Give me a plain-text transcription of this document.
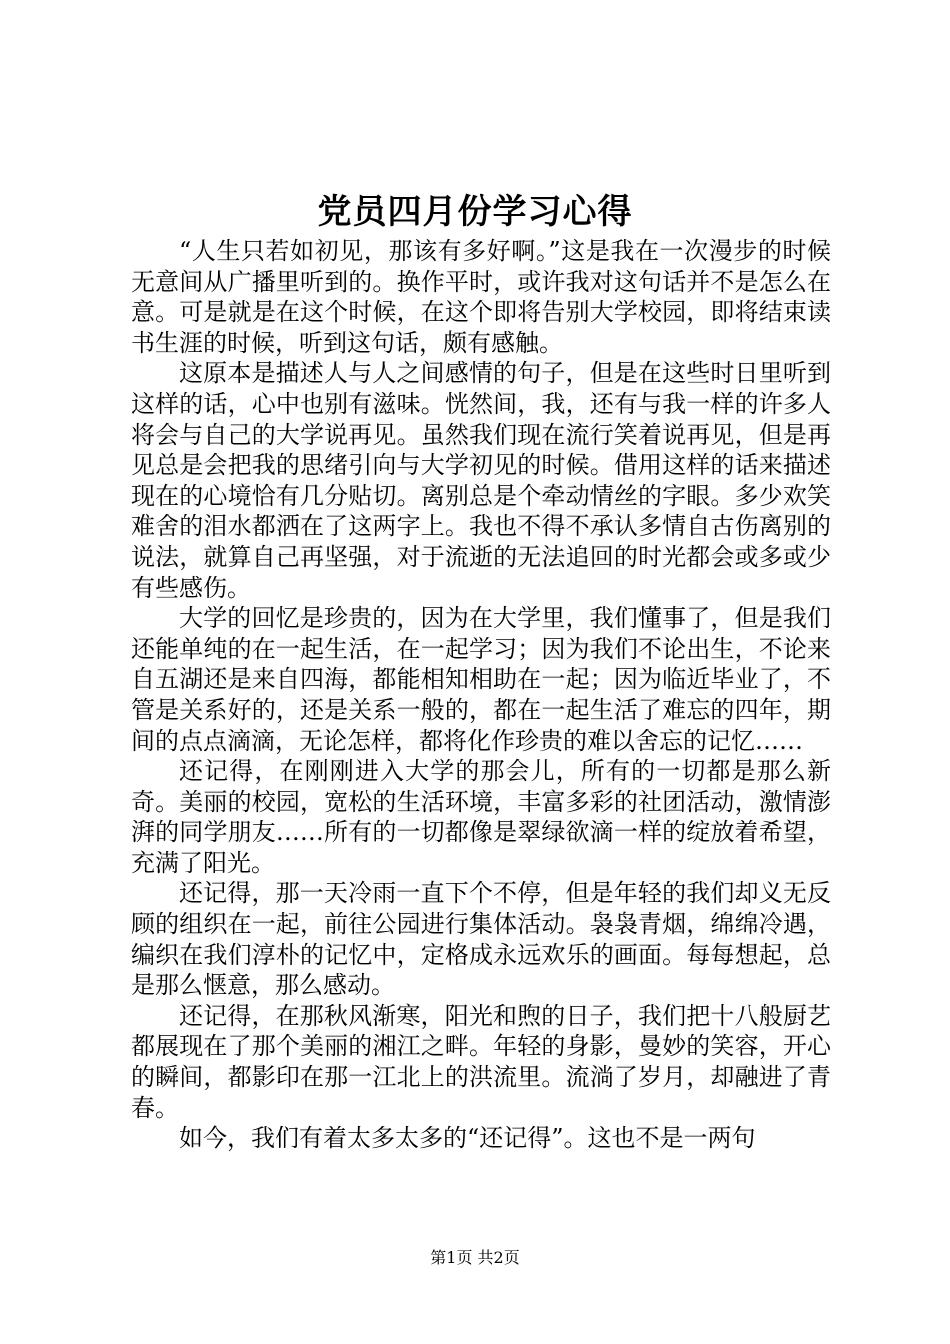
党员四月份学习心得

“人生只若如初见，那该有多好啊。”这是我在一次漫步的时候无意间从广播里听到的。换作平时，或许我对这句话并不是怎么在意。可是就是在这个时候，在这个即将告别大学校园，即将结束读书生涯的时候，听到这句话，颇有感触。

这原本是描述人与人之间感情的句子，但是在这些时日里听到这样的话，心中也别有滋味。恍然间，我，还有与我一样的许多人将会与自己的大学说再见。虽然我们现在流行笑着说再见，但是再见总是会把我的思绪引向与大学初见的时候。借用这样的话来描述现在的心境恰有几分贴切。离别总是个牵动情丝的字眼。多少欢笑难舍的泪水都洒在了这两字上。我也不得不承认多情自古伤离别的说法，就算自己再坚强，对于流逝的无法追回的时光都会或多或少有些感伤。

大学的回忆是珍贵的，因为在大学里，我们懂事了，但是我们还能单纯的在一起生活，在一起学习；因为我们不论出生，不论来自五湖还是来自四海，都能相知相助在一起；因为临近毕业了，不管是关系好的，还是关系一般的，都在一起生活了难忘的四年，期间的点点滴滴，无论怎样，都将化作珍贵的难以舍忘的记忆……

还记得，在刚刚进入大学的那会儿，所有的一切都是那么新奇。美丽的校园，宽松的生活环境，丰富多彩的社团活动，激情澎湃的同学朋友……所有的一切都像是翠绿欲滴一样的绽放着希望，充满了阳光。

还记得，那一天冷雨一直下个不停，但是年轻的我们却义无反顾的组织在一起，前往公园进行集体活动。袅袅青烟，绵绵冷遇，编织在我们淳朴的记忆中，定格成永远欢乐的画面。每每想起，总是那么惬意，那么感动。

还记得，在那秋风渐寒，阳光和煦的日子，我们把十八般厨艺都展现在了那个美丽的湘江之畔。年轻的身影，曼妙的笑容，开心的瞬间，都影印在那一江北上的洪流里。流淌了岁月，却融进了青春。

如今，我们有着太多太多的“还记得”。这也不是一两句

第1页 共2页
